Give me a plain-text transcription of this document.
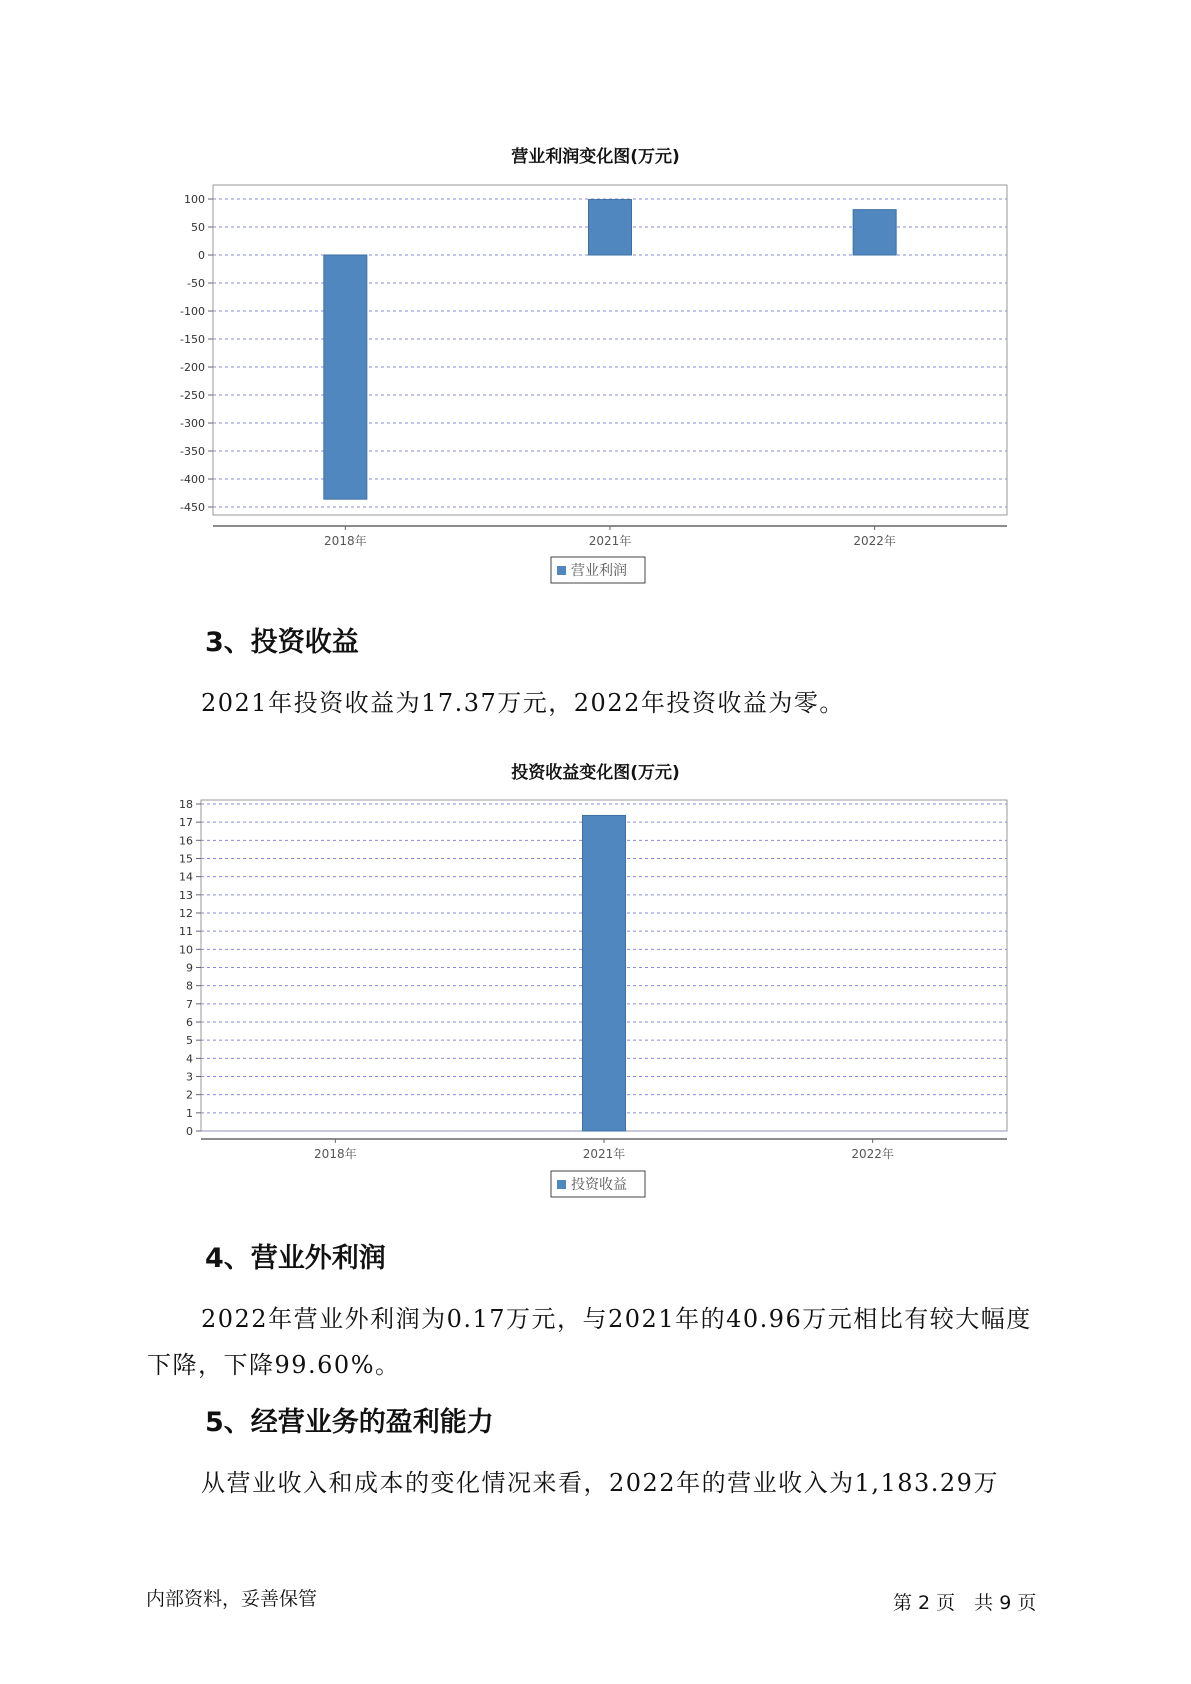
营业利润变化图(万元)
100
50
0
-50
-100
-150
-200
-250
-300
-350
-400
-450
2018年	2021年	2022年
营业利润
3、投资收益
2021年投资收益为17.37万元，2022年投资收益为零。
投资收益变化图(万元)
18
17
16
15
14
13
12
11
10
9
8
7
6
5
4
3
2
1
0
2018年	2021年	2022年
投资收益
4、营业外利润
2022年营业外利润为0.17万元，与2021年的40.96万元相比有较大幅度
下降，下降99.60%。
5、经营业务的盈利能力
从营业收入和成本的变化情况来看，2022年的营业收入为1,183.29万
内部资料，妥善保管	第 2 页　共 9 页
